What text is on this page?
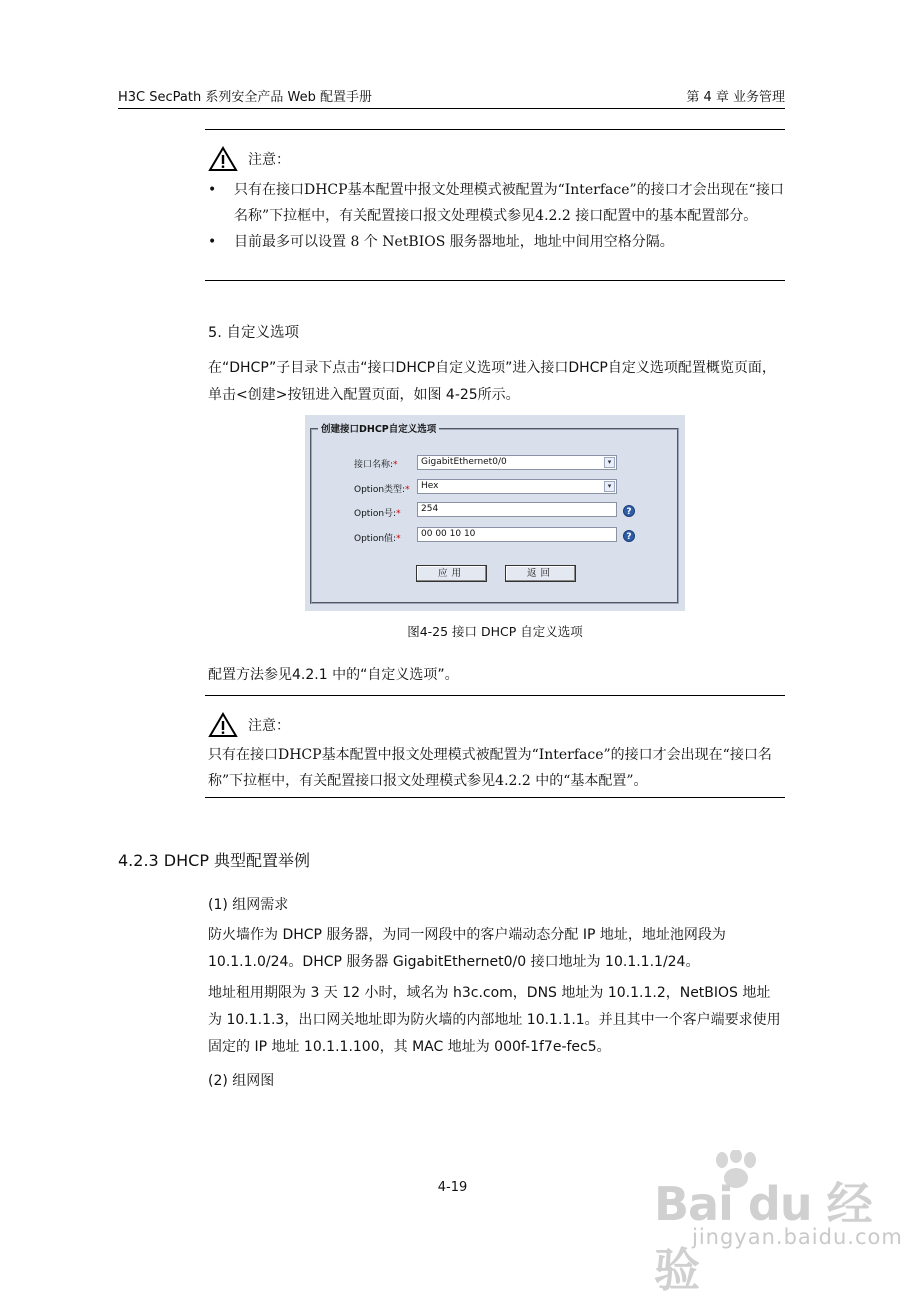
H3C SecPath 系列安全产品 Web 配置手册	第 4 章 业务管理
注意：
• 只有在接口DHCP基本配置中报文处理模式被配置为“Interface”的接口才会出现在“接口名称”下拉框中，有关配置接口报文处理模式参见4.2.2 接口配置中的基本配置部分。
• 目前最多可以设置 8 个 NetBIOS 服务器地址，地址中间用空格分隔。
5. 自定义选项

在“DHCP”子目录下点击“接口DHCP自定义选项”进入接口DHCP自定义选项配置概览页面，单击<创建>按钮进入配置页面，如图 4-25所示。

创建接口DHCP自定义选项
接口名称:*	GigabitEthernet0/0	▾
Option类型:*	Hex	▾
Option号:*	254	?
Option值:*	00 00 10 10	?
应用	返回
图4-25 接口 DHCP 自定义选项
配置方法参见4.2.1 中的“自定义选项”。
注意：
只有在接口DHCP基本配置中报文处理模式被配置为“Interface”的接口才会出现在“接口名称”下拉框中，有关配置接口报文处理模式参见4.2.2 中的“基本配置”。
4.2.3 DHCP 典型配置举例
(1) 组网需求
防火墙作为 DHCP 服务器，为同一网段中的客户端动态分配 IP 地址，地址池网段为 10.1.1.0/24。DHCP 服务器 GigabitEthernet0/0 接口地址为 10.1.1.1/24。
地址租用期限为 3 天 12 小时，域名为 h3c.com，DNS 地址为 10.1.1.2，NetBIOS 地址为 10.1.1.3，出口网关地址即为防火墙的内部地址 10.1.1.1。并且其中一个客户端要求使用固定的 IP 地址 10.1.1.100，其 MAC 地址为 000f-1f7e-fec5。
(2) 组网图
4-19	Bai du 经验
jingyan.baidu.com
